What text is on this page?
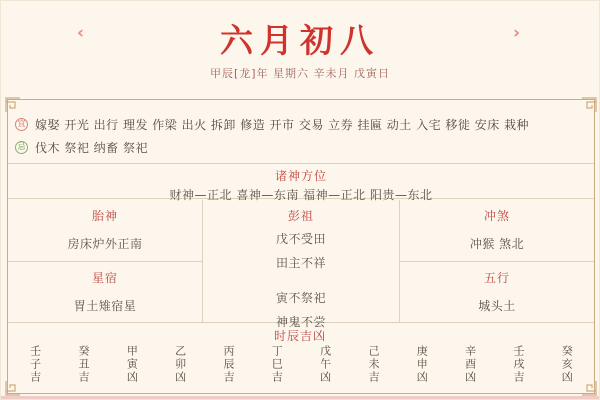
‹	六月初八	›
甲辰[龙]年 星期六 辛未月 戊寅日
宜 嫁娶 开光 出行 理发 作梁 出火 拆卸 修造 开市 交易 立券 挂匾 动土 入宅 移徙 安床 栽种
忌 伐木 祭祀 纳畜 祭祀
诸神方位
财神—正北 喜神—东南 福神—正北 阳贵—东北
胎神
房床炉外正南
星宿
胃土雉宿星
彭祖
戊不受田
田主不祥
寅不祭祀
神鬼不尝
冲煞
冲猴 煞北
五行
城头土
时辰吉凶
壬子吉	癸丑吉	甲寅凶	乙卯凶	丙辰吉	丁巳吉	戊午凶	己未吉	庚申凶	辛酉凶	壬戌吉	癸亥凶
